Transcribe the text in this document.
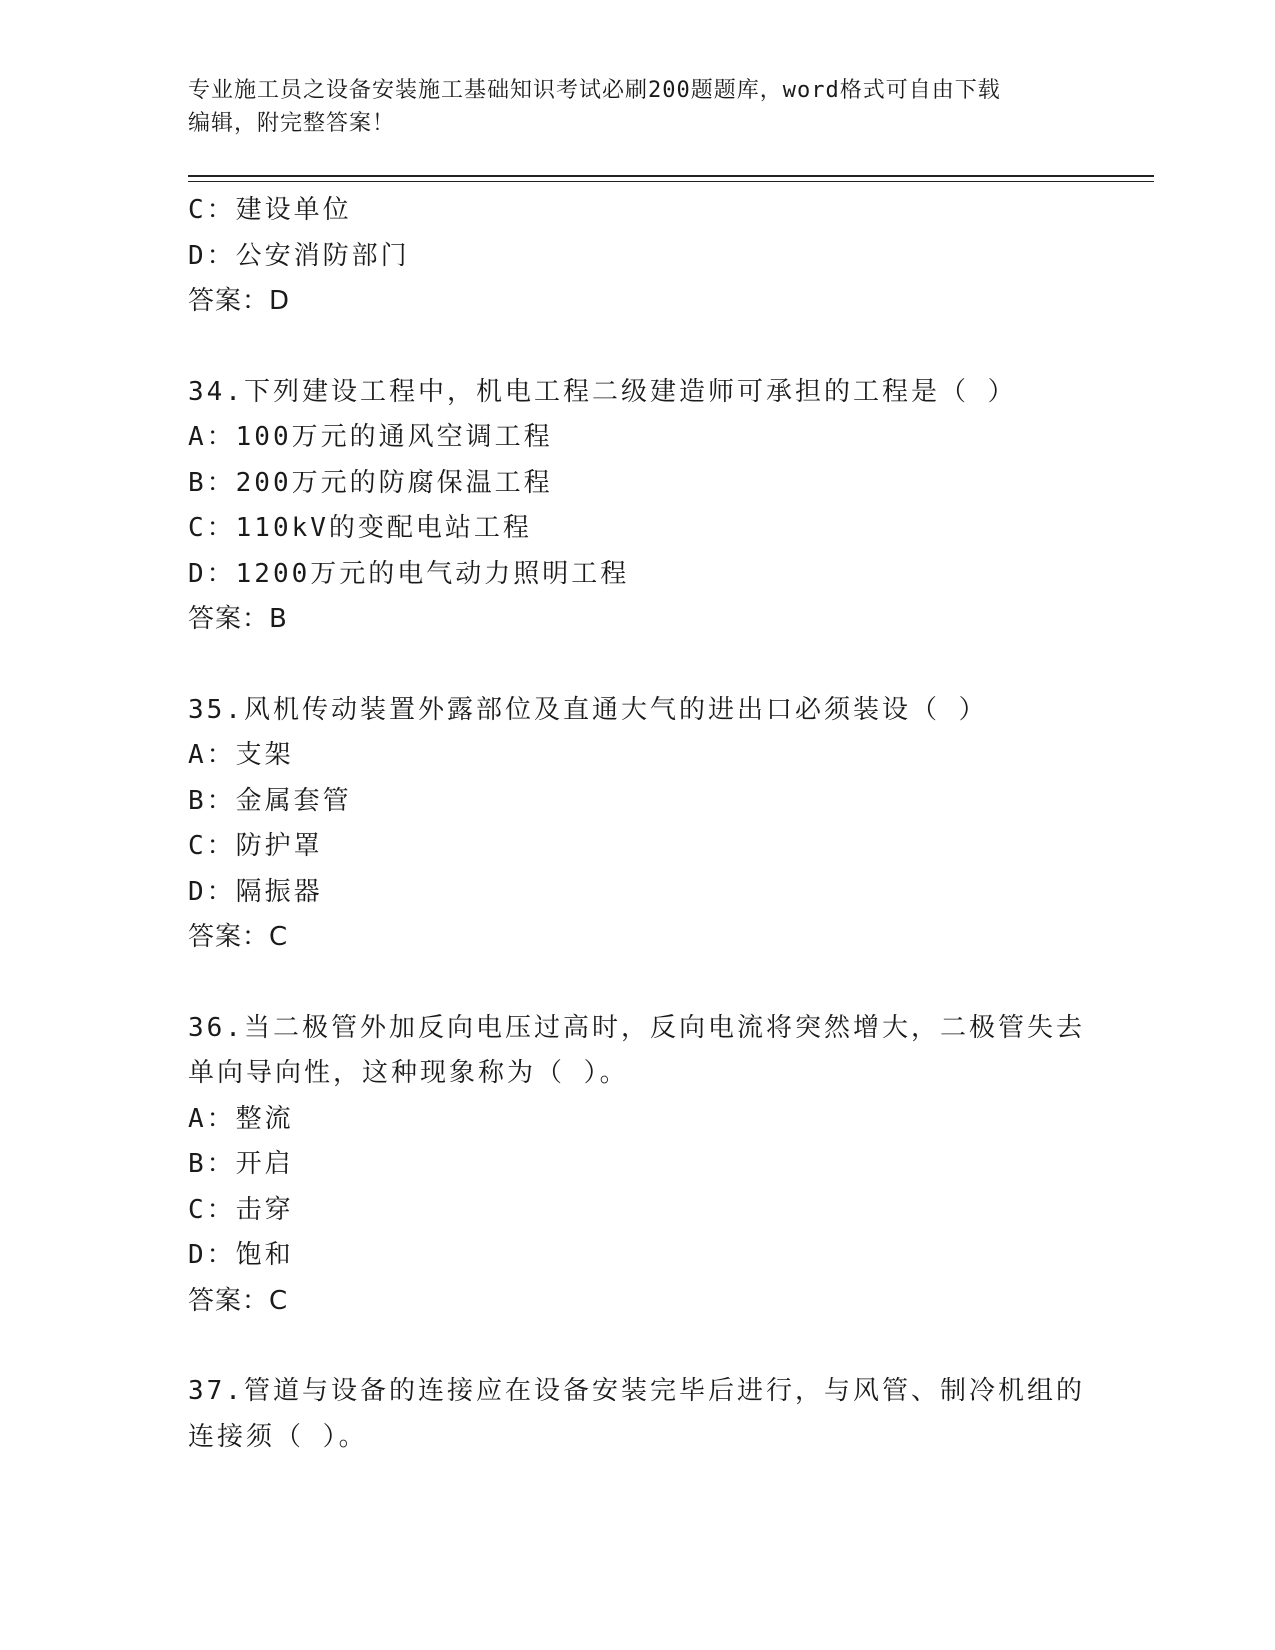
专业施工员之设备安装施工基础知识考试必刷200题题库，word格式可自由下载
编辑，附完整答案！

C：建设单位

D：公安消防部门

答案：D

34.下列建设工程中，机电工程二级建造师可承担的工程是（ ）

A：100万元的通风空调工程

B：200万元的防腐保温工程

C：110kV的变配电站工程

D：1200万元的电气动力照明工程

答案：B

35.风机传动装置外露部位及直通大气的进出口必须装设（ ）

A：支架

B：金属套管

C：防护罩

D：隔振器

答案：C

36.当二极管外加反向电压过高时，反向电流将突然增大，二极管失去

单向导向性，这种现象称为（ ）。

A：整流

B：开启

C：击穿

D：饱和

答案：C

37.管道与设备的连接应在设备安装完毕后进行，与风管、制冷机组的

连接须（ ）。
